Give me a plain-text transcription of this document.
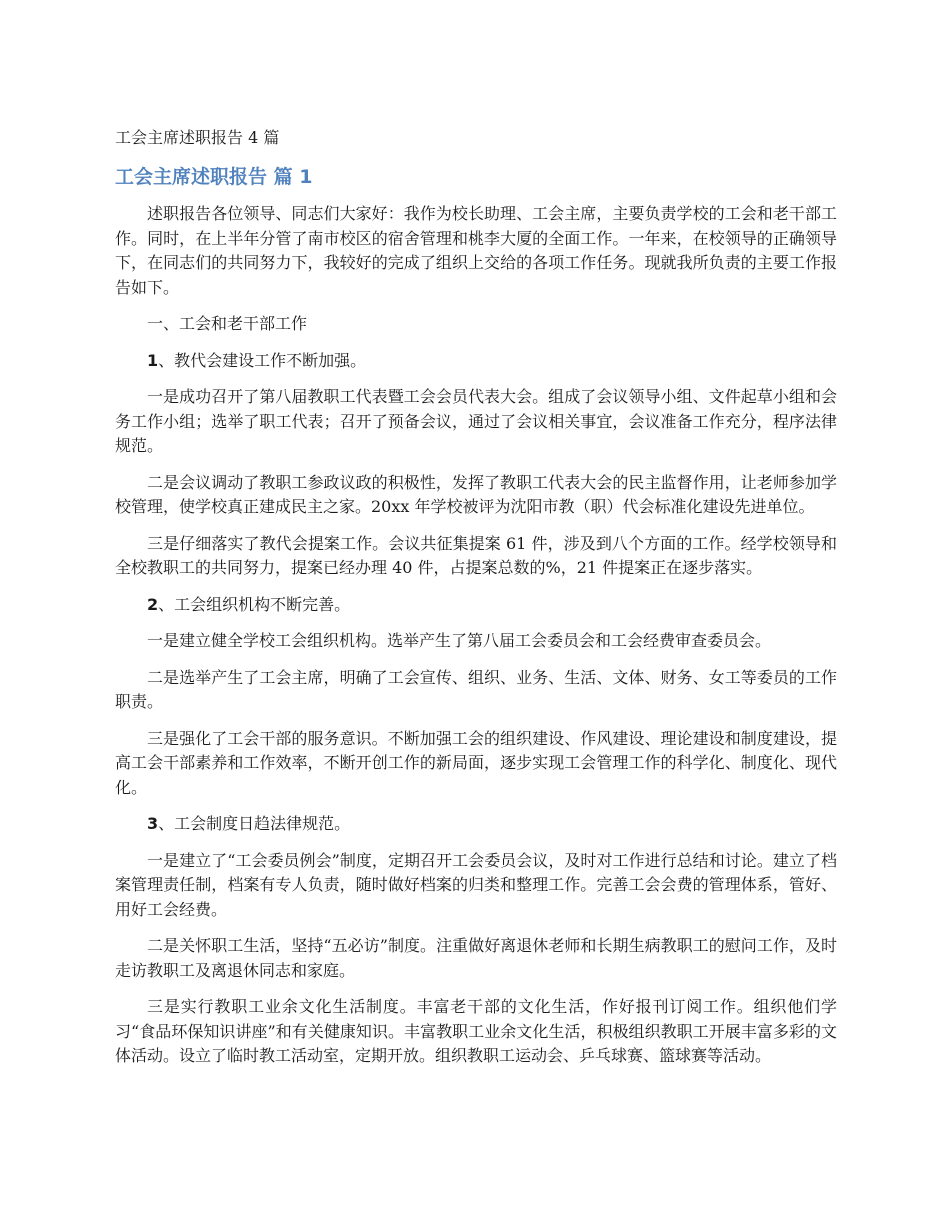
工会主席述职报告 4 篇
工会主席述职报告 篇 1

述职报告各位领导、同志们大家好：我作为校长助理、工会主席，主要负责学校的工会和老干部工作。同时，在上半年分管了南市校区的宿舍管理和桃李大厦的全面工作。一年来，在校领导的正确领导下，在同志们的共同努力下，我较好的完成了组织上交给的各项工作任务。现就我所负责的主要工作报告如下。

一、工会和老干部工作

1、教代会建设工作不断加强。

一是成功召开了第八届教职工代表暨工会会员代表大会。组成了会议领导小组、文件起草小组和会务工作小组；选举了职工代表；召开了预备会议，通过了会议相关事宜，会议准备工作充分，程序法律规范。

二是会议调动了教职工参政议政的积极性，发挥了教职工代表大会的民主监督作用，让老师参加学校管理，使学校真正建成民主之家。20xx 年学校被评为沈阳市教（职）代会标准化建设先进单位。

三是仔细落实了教代会提案工作。会议共征集提案 61 件，涉及到八个方面的工作。经学校领导和全校教职工的共同努力，提案已经办理 40 件，占提案总数的%，21 件提案正在逐步落实。

2、工会组织机构不断完善。

一是建立健全学校工会组织机构。选举产生了第八届工会委员会和工会经费审查委员会。

二是选举产生了工会主席，明确了工会宣传、组织、业务、生活、文体、财务、女工等委员的工作职责。

三是强化了工会干部的服务意识。不断加强工会的组织建设、作风建设、理论建设和制度建设，提高工会干部素养和工作效率，不断开创工作的新局面，逐步实现工会管理工作的科学化、制度化、现代化。

3、工会制度日趋法律规范。

一是建立了“工会委员例会”制度，定期召开工会委员会议，及时对工作进行总结和讨论。建立了档案管理责任制，档案有专人负责，随时做好档案的归类和整理工作。完善工会会费的管理体系，管好、用好工会经费。

二是关怀职工生活，坚持“五必访”制度。注重做好离退休老师和长期生病教职工的慰问工作，及时走访教职工及离退休同志和家庭。

三是实行教职工业余文化生活制度。丰富老干部的文化生活，作好报刊订阅工作。组织他们学习“食品环保知识讲座”和有关健康知识。丰富教职工业余文化生活，积极组织教职工开展丰富多彩的文体活动。设立了临时教工活动室，定期开放。组织教职工运动会、乒乓球赛、篮球赛等活动。
